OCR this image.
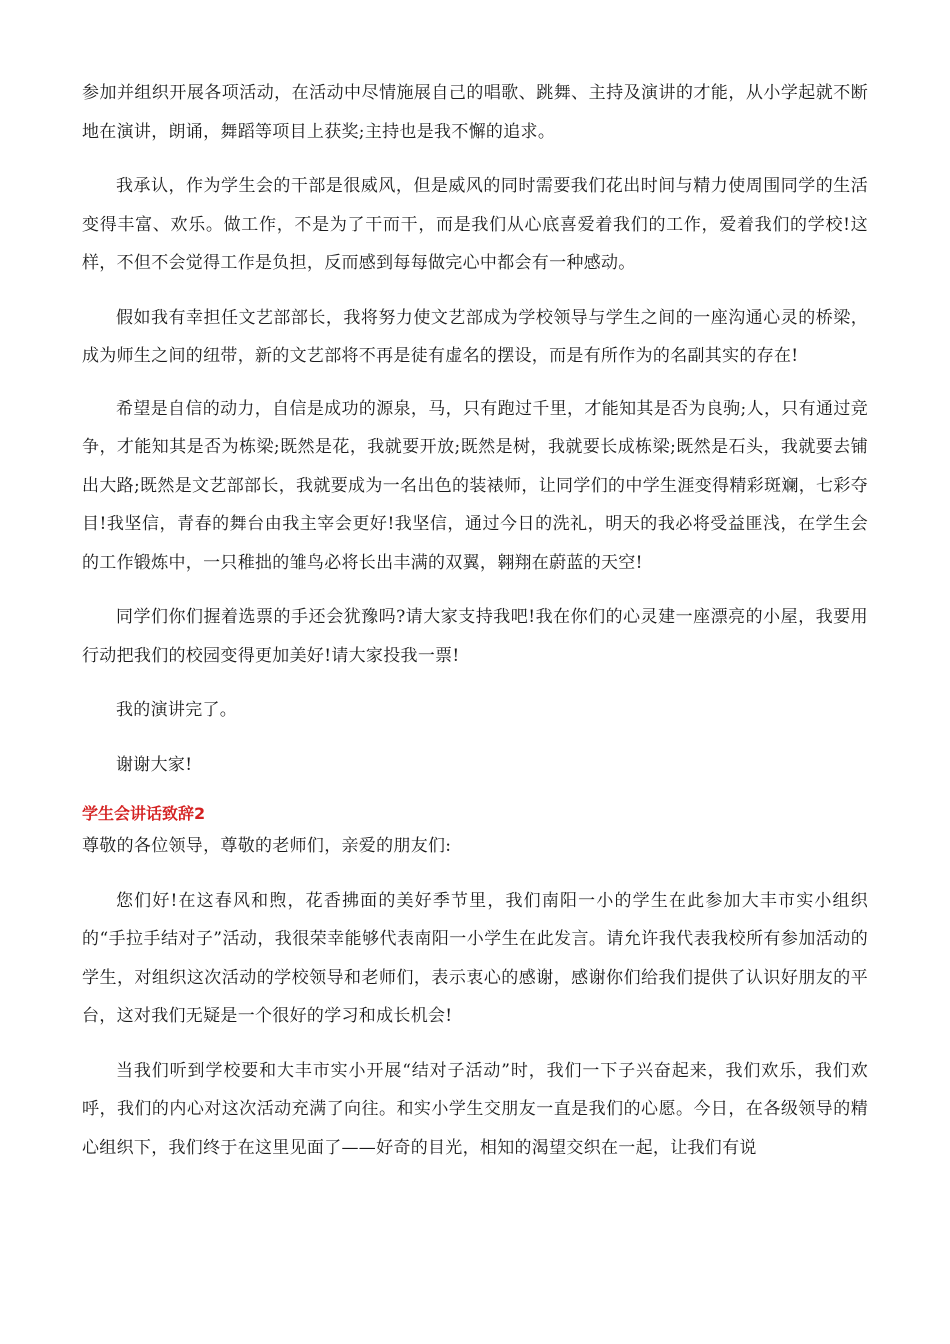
参加并组织开展各项活动，在活动中尽情施展自己的唱歌、跳舞、主持及演讲的才能，从小学起就不断地在演讲，朗诵，舞蹈等项目上获奖;主持也是我不懈的追求。

我承认，作为学生会的干部是很威风，但是威风的同时需要我们花出时间与精力使周围同学的生活变得丰富、欢乐。做工作，不是为了干而干，而是我们从心底喜爱着我们的工作，爱着我们的学校!这样，不但不会觉得工作是负担，反而感到每每做完心中都会有一种感动。

假如我有幸担任文艺部部长，我将努力使文艺部成为学校领导与学生之间的一座沟通心灵的桥梁，成为师生之间的纽带，新的文艺部将不再是徒有虚名的摆设，而是有所作为的名副其实的存在!

希望是自信的动力，自信是成功的源泉，马，只有跑过千里，才能知其是否为良驹;人，只有通过竞争，才能知其是否为栋梁;既然是花，我就要开放;既然是树，我就要长成栋梁;既然是石头，我就要去铺出大路;既然是文艺部部长，我就要成为一名出色的装裱师，让同学们的中学生涯变得精彩斑斓，七彩夺目!我坚信，青春的舞台由我主宰会更好!我坚信，通过今日的洗礼，明天的我必将受益匪浅，在学生会的工作锻炼中，一只稚拙的雏鸟必将长出丰满的双翼，翱翔在蔚蓝的天空!

同学们你们握着选票的手还会犹豫吗?请大家支持我吧!我在你们的心灵建一座漂亮的小屋，我要用行动把我们的校园变得更加美好!请大家投我一票!

我的演讲完了。

谢谢大家!

学生会讲话致辞2

尊敬的各位领导，尊敬的老师们，亲爱的朋友们:

您们好!在这春风和煦，花香拂面的美好季节里，我们南阳一小的学生在此参加大丰市实小组织的“手拉手结对子”活动，我很荣幸能够代表南阳一小学生在此发言。请允许我代表我校所有参加活动的学生，对组织这次活动的学校领导和老师们，表示衷心的感谢，感谢你们给我们提供了认识好朋友的平台，这对我们无疑是一个很好的学习和成长机会!

当我们听到学校要和大丰市实小开展“结对子活动”时，我们一下子兴奋起来，我们欢乐，我们欢呼，我们的内心对这次活动充满了向往。和实小学生交朋友一直是我们的心愿。今日，在各级领导的精心组织下，我们终于在这里见面了——好奇的目光，相知的渴望交织在一起，让我们有说
